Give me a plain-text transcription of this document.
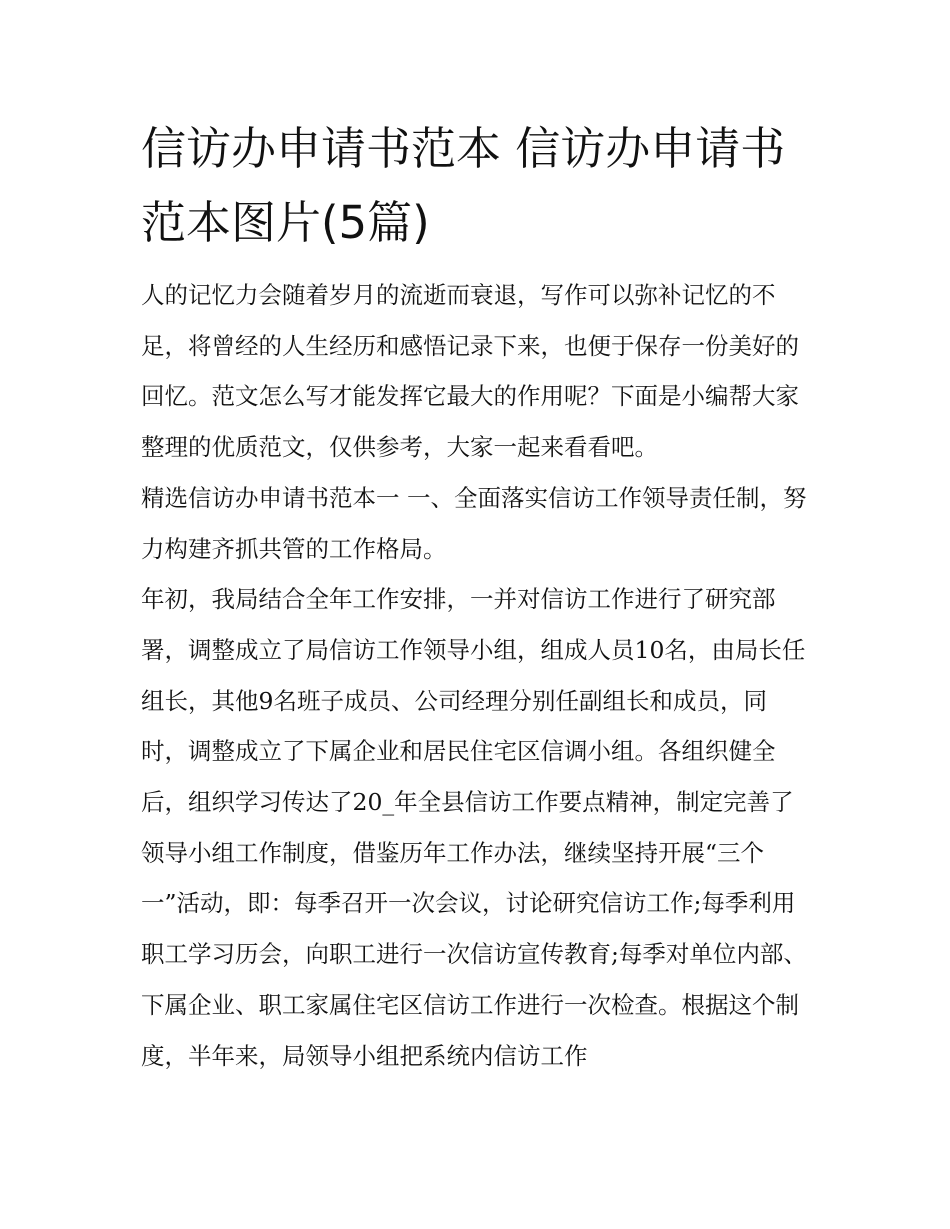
信访办申请书范本 信访办申请书范本图片(5篇)

人的记忆力会随着岁月的流逝而衰退，写作可以弥补记忆的不足，将曾经的人生经历和感悟记录下来，也便于保存一份美好的回忆。范文怎么写才能发挥它最大的作用呢？下面是小编帮大家整理的优质范文，仅供参考，大家一起来看看吧。

精选信访办申请书范本一 一、全面落实信访工作领导责任制，努力构建齐抓共管的工作格局。

年初，我局结合全年工作安排，一并对信访工作进行了研究部署，调整成立了局信访工作领导小组，组成人员10名，由局长任组长，其他9名班子成员、公司经理分别任副组长和成员，同时，调整成立了下属企业和居民住宅区信调小组。各组织健全后，组织学习传达了20_年全县信访工作要点精神，制定完善了领导小组工作制度，借鉴历年工作办法，继续坚持开展“三个一”活动，即：每季召开一次会议，讨论研究信访工作;每季利用职工学习历会，向职工进行一次信访宣传教育;每季对单位内部、下属企业、职工家属住宅区信访工作进行一次检查。根据这个制度，半年来，局领导小组把系统内信访工作
